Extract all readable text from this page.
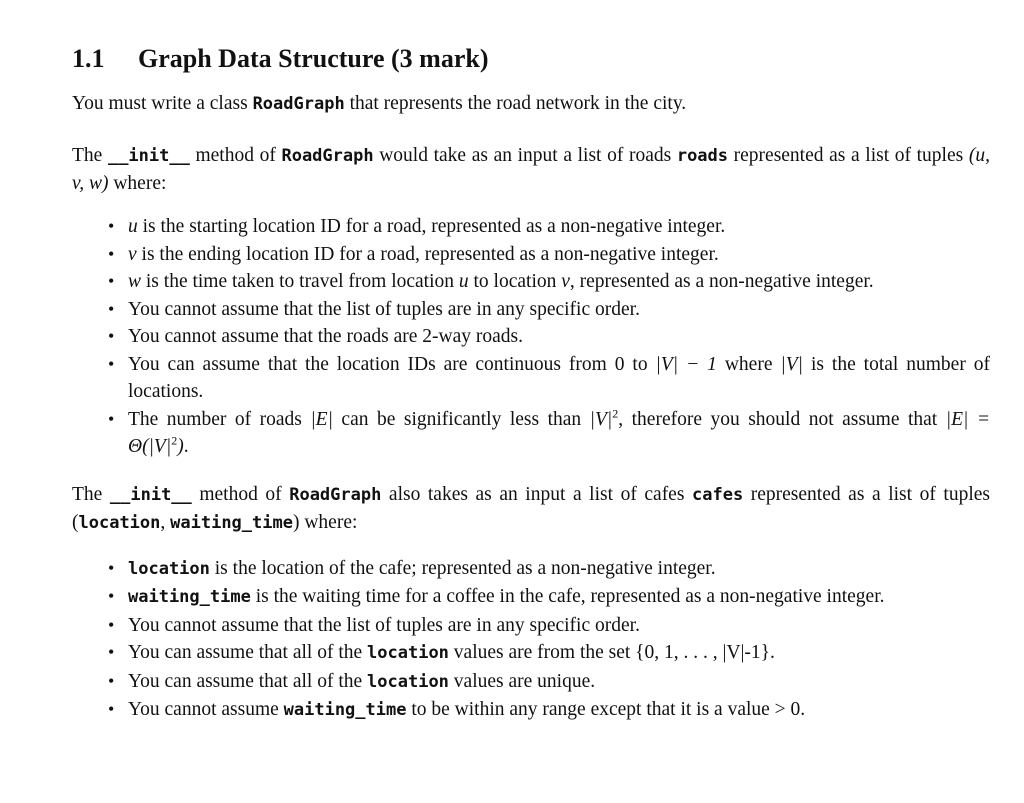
1.1 Graph Data Structure (3 mark)

You must write a class RoadGraph that represents the road network in the city.

The __init__ method of RoadGraph would take as an input a list of roads roads represented as a list of tuples (u, v, w) where:

• u is the starting location ID for a road, represented as a non-negative integer.
• v is the ending location ID for a road, represented as a non-negative integer.
• w is the time taken to travel from location u to location v, represented as a non-negative integer.
• You cannot assume that the list of tuples are in any specific order.
• You cannot assume that the roads are 2-way roads.
• You can assume that the location IDs are continuous from 0 to |V| − 1 where |V| is the total number of locations.
• The number of roads |E| can be significantly less than $|V|^2$, therefore you should not assume that $|E| = \Theta(|V|^2)$.

The __init__ method of RoadGraph also takes as an input a list of cafes cafes represented as a list of tuples (location, waiting_time) where:

• location is the location of the cafe; represented as a non-negative integer.
• waiting_time is the waiting time for a coffee in the cafe, represented as a non-negative integer.
• You cannot assume that the list of tuples are in any specific order.
• You can assume that all of the location values are from the set {0, 1, . . . , |V|-1}.
• You can assume that all of the location values are unique.
• You cannot assume waiting_time to be within any range except that it is a value > 0.
